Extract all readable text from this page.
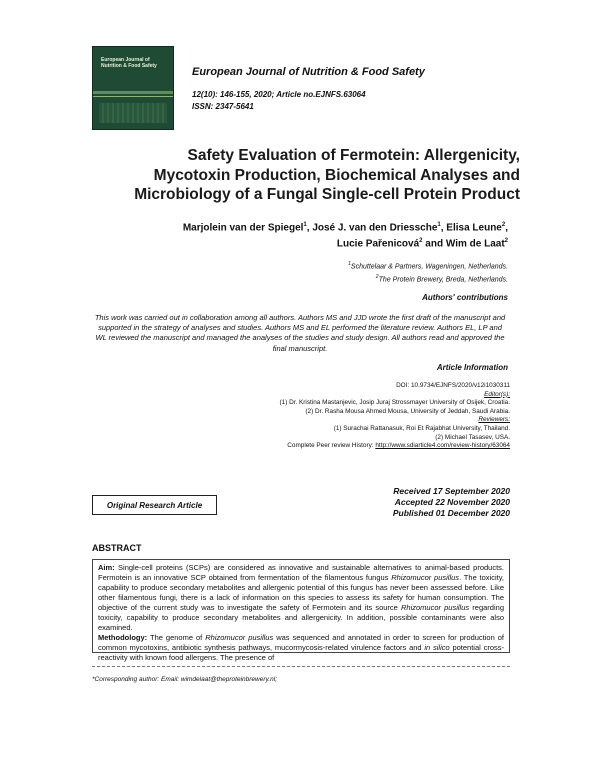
European Journal of Nutrition & Food Safety	European Journal of Nutrition & Food Safety
12(10): 146-155, 2020; Article no.EJNFS.63064
ISSN: 2347-5641
Safety Evaluation of Fermotein: Allergenicity,
Mycotoxin Production, Biochemical Analyses and
Microbiology of a Fungal Single-cell Protein Product
Marjolein van der Spiegel$^1$, José J. van den Driessche$^1$, Elisa Leune$^2$,
Lucie Pařenicová$^2$ and Wim de Laat$^2$
$^1$Schuttelaar & Partners, Wageningen, Netherlands.
$^2$The Protein Brewery, Breda, Netherlands.
Authors' contributions
This work was carried out in collaboration among all authors. Authors MS and JJD wrote the first draft of the manuscript and supported in the strategy of analyses and studies. Authors MS and EL performed the literature review. Authors EL, LP and WL reviewed the manuscript and managed the analyses of the studies and study design. All authors read and approved the final manuscript.
Article Information
DOI: 10.9734/EJNFS/2020/v12i1030311
Editor(s):
(1) Dr. Kristina Mastanjevic, Josip Juraj Strossmayer University of Osijek, Croatia.
(2) Dr. Rasha Mousa Ahmed Mousa, University of Jeddah, Saudi Arabia.
Reviewers:
(1) Surachai Rattanasuk, Roi Et Rajabhat University, Thailand.
(2) Michael Tasasev, USA.
Complete Peer review History: http://www.sdiarticle4.com/review-history/63064
Original Research Article
Received 17 September 2020
Accepted 22 November 2020
Published 01 December 2020
ABSTRACT
Aim: Single-cell proteins (SCPs) are considered as innovative and sustainable alternatives to animal-based products. Fermotein is an innovative SCP obtained from fermentation of the filamentous fungus Rhizomucor pusillus. The toxicity, capability to produce secondary metabolites and allergenic potential of this fungus has never been assessed before. Like other filamentous fungi, there is a lack of information on this species to assess its safety for human consumption. The objective of the current study was to investigate the safety of Fermotein and its source Rhizomucor pusillus regarding toxicity, capability to produce secondary metabolites and allergenicity. In addition, possible contaminants were also examined.
Methodology: The genome of Rhizomucor pusillus was sequenced and annotated in order to screen for production of common mycotoxins, antibiotic synthesis pathways, mucormycosis-related virulence factors and in silico potential cross-reactivity with known food allergens. The presence of
*Corresponding author: Email: wimdelaat@theproteinbrewery.nl;
